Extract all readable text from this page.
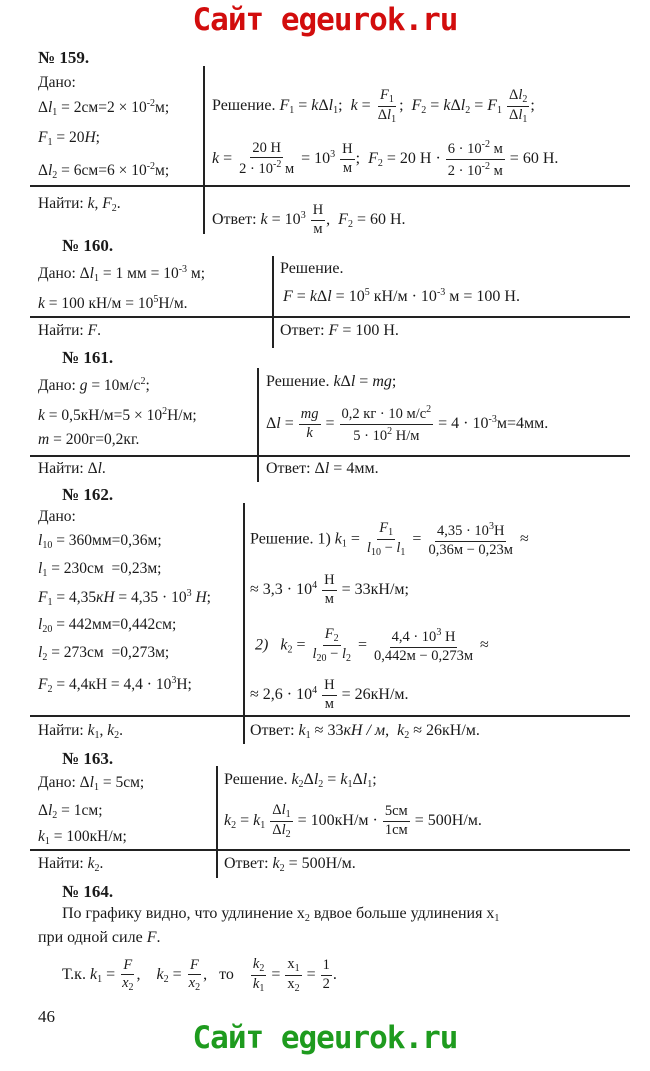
Сайт egeurok.ru
№ 159.
Дано:
$\Delta l_1 = 2см=2 \times 10^{-2}м$;
$F_1 = 20H$;
$\Delta l_2 = 6см=6 \times 10^{-2}м$;
Решение. $F_1 = k\Delta l_1$;  $k = \frac{F_1}{\Delta l_1}$ ;  $F_2 = k\Delta l_2 = F_1 \frac{\Delta l_2}{\Delta l_1}$ ;
$k = \frac{20 Н}{2 \cdot 10^{-2} м} = 10^3 \frac{Н}{м}$ ;  $F_2 = 20$ $Н \cdot \frac{6 \cdot 10^{-2} м}{2 \cdot 10^{-2} м} = 60$ Н.
Найти: k, $F_2$.
Ответ: $k = 10^3 \frac{Н}{м}$ ,  $F_2 = 60$ Н.
№ 160.
Дано: $\Delta l_1 = 1$ мм = $10^{-3}$ м;
k = 100 $кН/м = 10^5Н/м$.
Решение.
$F = k\Delta l = 10^5$ $кН/м \cdot 10^{-3}$ м = 100 Н.
Найти: F.	Ответ: F = 100 Н.
№ 161.
Дано: $g = 10м/с^2$;
$k = 0,5кН/м=5 \times 10^2Н/м$;
m = 200г=0,2кг.
Решение. kΔl = mg;
$\Delta l = \frac{mg}{k} = \frac{0,2 кг \cdot 10 м/с^2}{5 \cdot 10^2 Н/м} = 4 \cdot 10^{-3}м=4мм$.
Найти: Δl.	Ответ: Δl = 4мм.
№ 162.
Дано:
$l_{10} = 360мм=0,36м$;
$l_1 = 230см =0,23м$;
$F_1 = 4,35кН = 4,35 \cdot 10^3$ Н;
$l_{20} = 442мм=0,442см$;
$l_2 = 273см =0,273м$;
$F_2 = 4,4кН = 4,4 \cdot 10^3Н$;
Решение. 1) $k_1 = \frac{F_1}{l_{10} - l_1} = \frac{4,35 \cdot 10^3Н}{0,36м - 0,23м}$ ≈
≈ $3,3 \cdot 10^4 \frac{Н}{м} = 33кН/м$;
2) $k_2 = \frac{F_2}{l_{20} - l_2} = \frac{4,4 \cdot 10^3 Н}{0,442м - 0,273м}$ ≈
≈ $2,6 \cdot 10^4 \frac{Н}{м} = 26кН/м$.
Найти: $k_1$, $k_2$.	Ответ: $k_1 \approx 33кН / м$,  $k_2 \approx 26кН/м$.
№ 163.
Дано: $\Delta l_1 = 5см$;
$\Delta l_2 = 1см$;
$k_1 = 100кН/м$;
Решение. $k_2\Delta l_2 = k_1\Delta l_1$;
$k_2 = k_1 \frac{\Delta l_1}{\Delta l_2} = 100кН/м \cdot \frac{5см}{1см} = 500Н/м$.
Найти: $k_2$.	Ответ: $k_2 = 500Н/м$.
№ 164.
По графику видно, что удлинение $x_2$ вдвое больше удлинения $x_1$
при одной силе F.
Т.к. $k_1 = \frac{F}{x_2}$ ,    $k_2 = \frac{F}{x_2}$ ,   то $\frac{k_2}{k_1} = \frac{x_1}{x_2} = \frac{1}{2}$ .
46
Сайт egeurok.ru
